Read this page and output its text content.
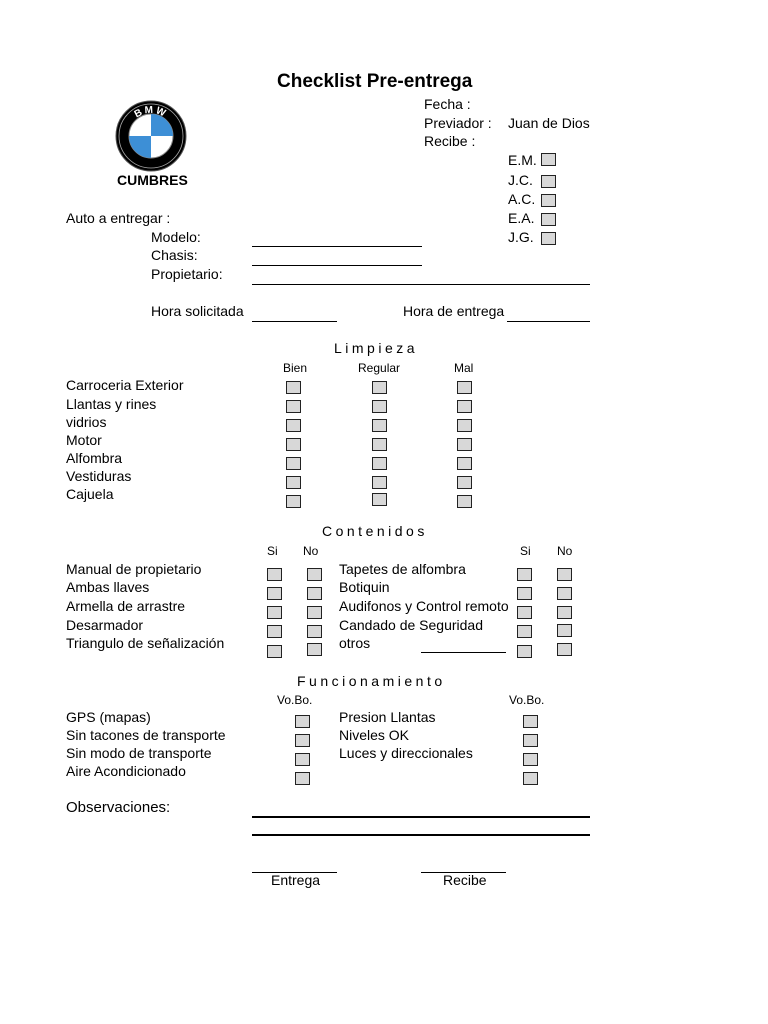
Checklist Pre-entrega
BMW
CUMBRES
Fecha :
Previador : Juan de Dios
Recibe :
E.M.
J.C.
A.C.
E.A.
J.G.
Auto a entregar :
Modelo:
Chasis:
Propietario:
Hora solicitada	Hora de entrega
Limpieza
Bien	Regular	Mal
Carroceria Exterior
Llantas y rines
vidrios
Motor
Alfombra
Vestiduras
Cajuela
Contenidos
Si No	Si No
Manual de propietario
Ambas llaves
Armella de arrastre
Desarmador
Triangulo de señalización
Tapetes de alfombra
Botiquin
Audifonos y Control remoto
Candado de Seguridad
otros
Funcionamiento
Vo.Bo.	Vo.Bo.
GPS (mapas)
Sin tacones de transporte
Sin modo de transporte
Aire Acondicionado
Presion Llantas
Niveles OK
Luces y direccionales
Observaciones:
Entrega	Recibe
